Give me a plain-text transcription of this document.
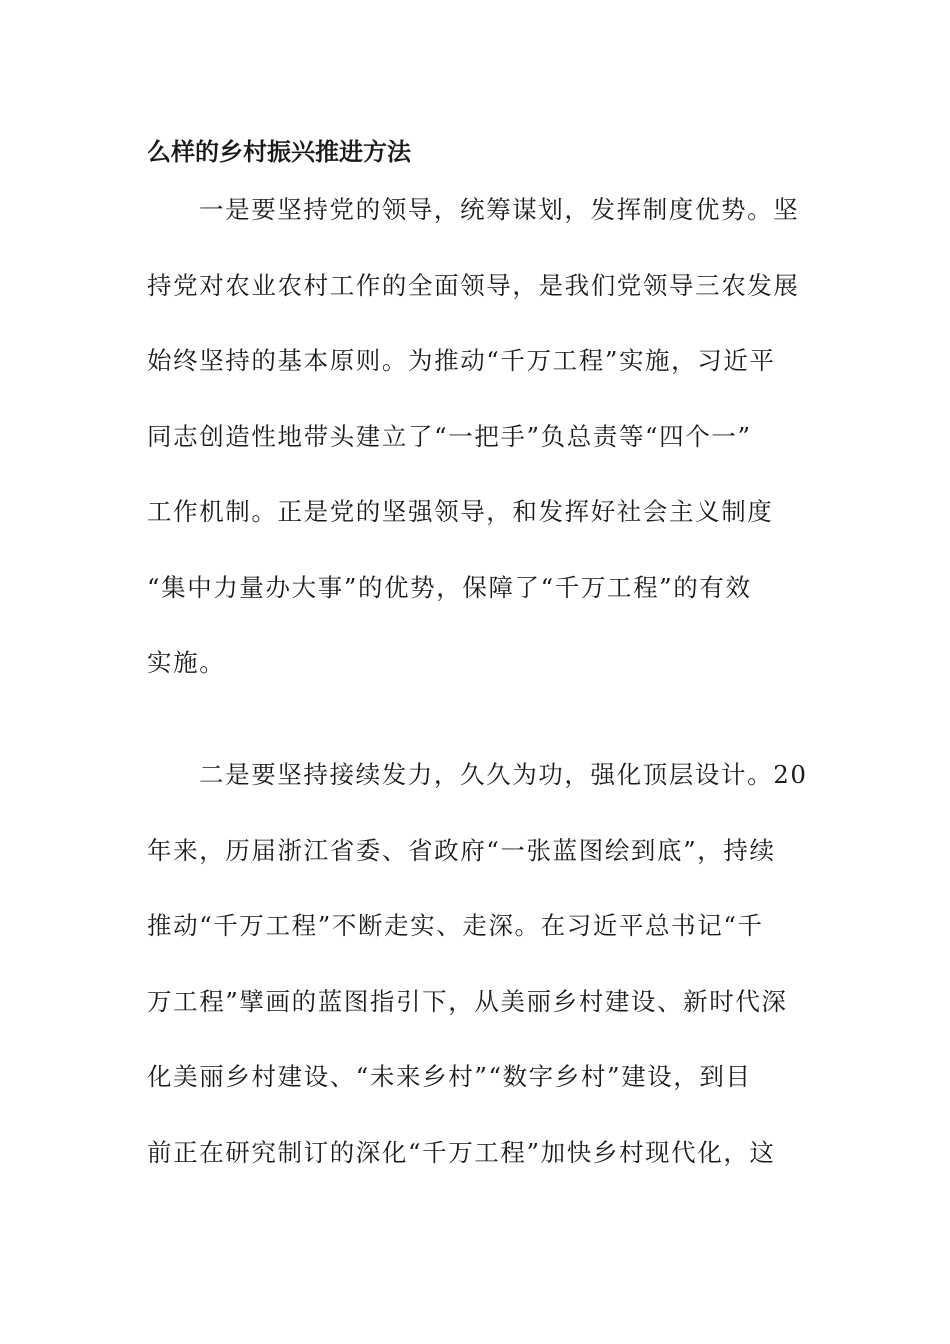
么样的乡村振兴推进方法
一是要坚持党的领导，统筹谋划，发挥制度优势。坚
持党对农业农村工作的全面领导，是我们党领导三农发展
始终坚持的基本原则。为推动“千万工程”实施，习近平
同志创造性地带头建立了“一把手”负总责等“四个一”
工作机制。正是党的坚强领导，和发挥好社会主义制度
“集中力量办大事”的优势，保障了“千万工程”的有效
实施。
二是要坚持接续发力，久久为功，强化顶层设计。20
年来，历届浙江省委、省政府“一张蓝图绘到底”，持续
推动“千万工程”不断走实、走深。在习近平总书记“千
万工程”擘画的蓝图指引下，从美丽乡村建设、新时代深
化美丽乡村建设、“未来乡村”“数字乡村”建设，到目
前正在研究制订的深化“千万工程”加快乡村现代化，这
